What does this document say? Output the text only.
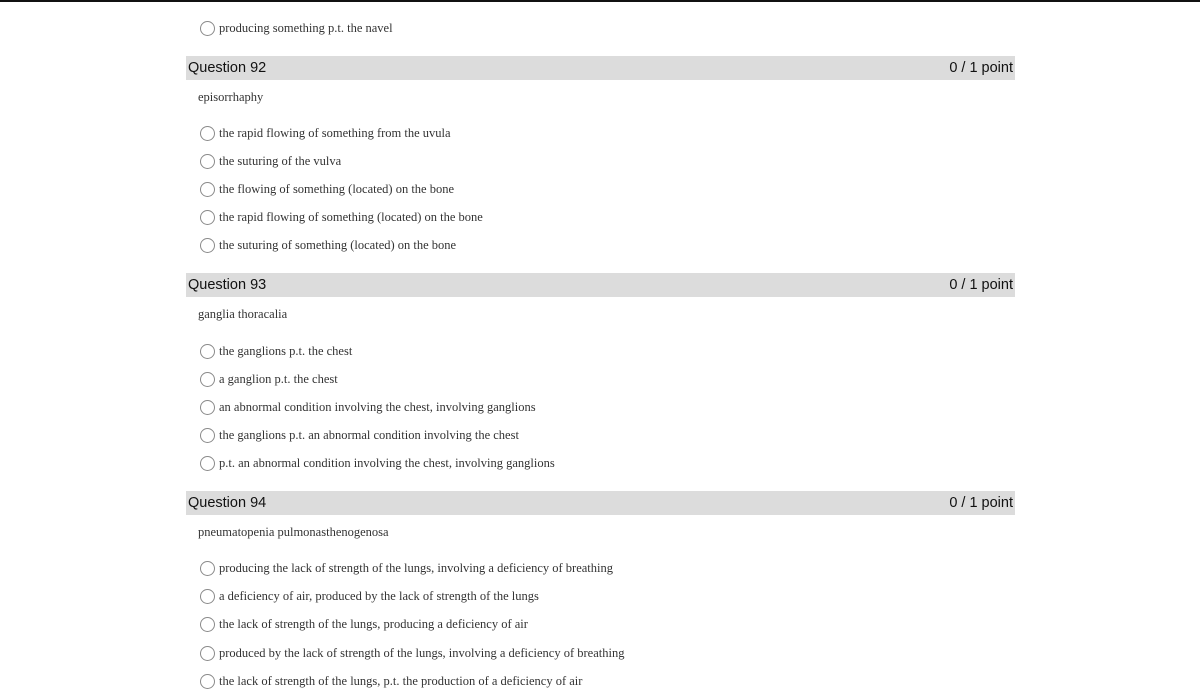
producing something p.t. the navel
Question 92	0 / 1 point
episorrhaphy
the rapid flowing of something from the uvula
the suturing of the vulva
the flowing of something (located) on the bone
the rapid flowing of something (located) on the bone
the suturing of something (located) on the bone
Question 93	0 / 1 point
ganglia thoracalia
the ganglions p.t. the chest
a ganglion p.t. the chest
an abnormal condition involving the chest, involving ganglions
the ganglions p.t. an abnormal condition involving the chest
p.t. an abnormal condition involving the chest, involving ganglions
Question 94	0 / 1 point
pneumatopenia pulmonasthenogenosa
producing the lack of strength of the lungs, involving a deficiency of breathing
a deficiency of air, produced by the lack of strength of the lungs
the lack of strength of the lungs, producing a deficiency of air
produced by the lack of strength of the lungs, involving a deficiency of breathing
the lack of strength of the lungs, p.t. the production of a deficiency of air
